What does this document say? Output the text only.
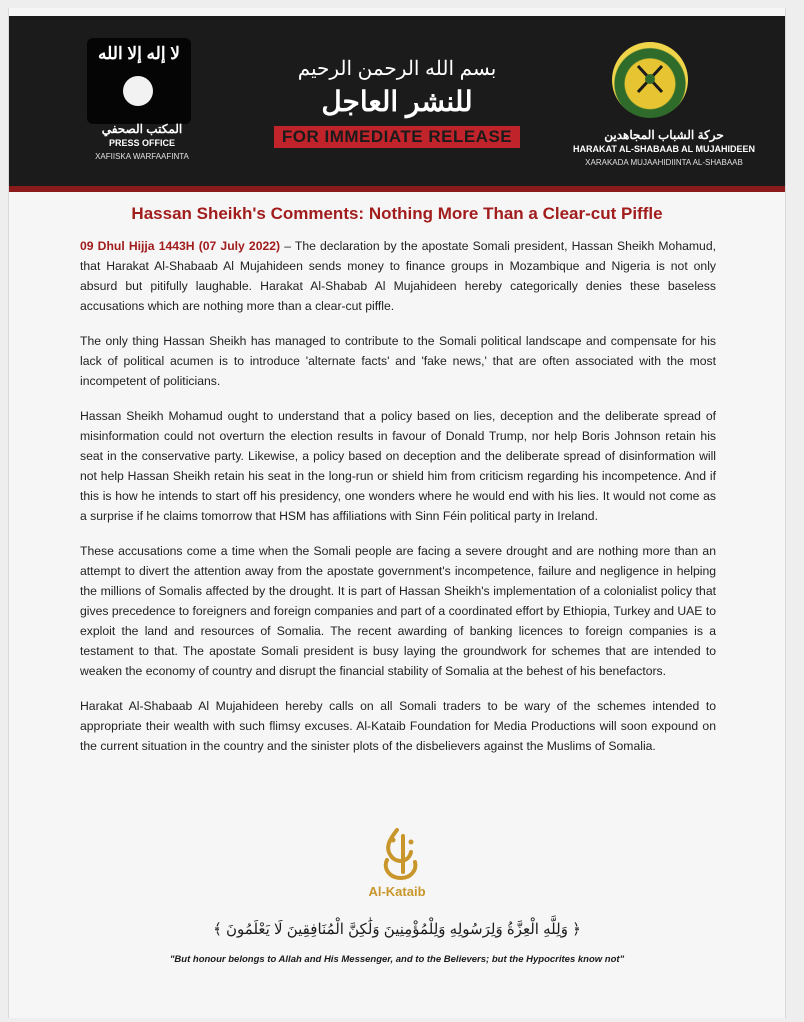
لا إله إلا الله
المكتب الصحفي
PRESS OFFICE
XAFIISKA WARFAAFINTA
بسم الله الرحمن الرحيم
للنشر العاجل
FOR IMMEDIATE RELEASE	حركة الشباب المجاهدين
HARAKAT AL-SHABAAB AL MUJAHIDEEN
XARAKADA MUJAAHIDIINTA AL-SHABAAB
Hassan Sheikh's Comments: Nothing More Than a Clear-cut Piffle

09 Dhul Hijja 1443H (07 July 2022) – The declaration by the apostate Somali president, Hassan Sheikh Mohamud, that Harakat Al-Shabaab Al Mujahideen sends money to finance groups in Mozambique and Nigeria is not only absurd but pitifully laughable. Harakat Al-Shabab Al Mujahideen hereby categorically denies these baseless accusations which are nothing more than a clear-cut piffle.

The only thing Hassan Sheikh has managed to contribute to the Somali political landscape and compensate for his lack of political acumen is to introduce 'alternate facts' and 'fake news,' that are often associated with the most incompetent of politicians.

Hassan Sheikh Mohamud ought to understand that a policy based on lies, deception and the deliberate spread of misinformation could not overturn the election results in favour of Donald Trump, nor help Boris Johnson retain his seat in the conservative party. Likewise, a policy based on deception and the deliberate spread of disinformation will not help Hassan Sheikh retain his seat in the long-run or shield him from criticism regarding his incompetence. And if this is how he intends to start off his presidency, one wonders where he would end with his lies. It would not come as a surprise if he claims tomorrow that HSM has affiliations with Sinn Féin political party in Ireland.

These accusations come a time when the Somali people are facing a severe drought and are nothing more than an attempt to divert the attention away from the apostate government's incompetence, failure and negligence in helping the millions of Somalis affected by the drought. It is part of Hassan Sheikh's implementation of a colonialist policy that gives precedence to foreigners and foreign companies and part of a coordinated effort by Ethiopia, Turkey and UAE to exploit the land and resources of Somalia. The recent awarding of banking licences to foreign companies is a testament to that. The apostate Somali president is busy laying the groundwork for schemes that are intended to weaken the economy of country and disrupt the financial stability of Somalia at the behest of his benefactors.

Harakat Al-Shabaab Al Mujahideen hereby calls on all Somali traders to be wary of the schemes intended to appropriate their wealth with such flimsy excuses. Al-Kataib Foundation for Media Productions will soon expound on the current situation in the country and the sinister plots of the disbelievers against the Muslims of Somalia.

Al-Kataib
﴿ وَلِلَّهِ الْعِزَّةُ وَلِرَسُولِهِ وَلِلْمُؤْمِنِينَ وَلَٰكِنَّ الْمُنَافِقِينَ لَا يَعْلَمُونَ ﴾
"But honour belongs to Allah and His Messenger, and to the Believers; but the Hypocrites know not"
